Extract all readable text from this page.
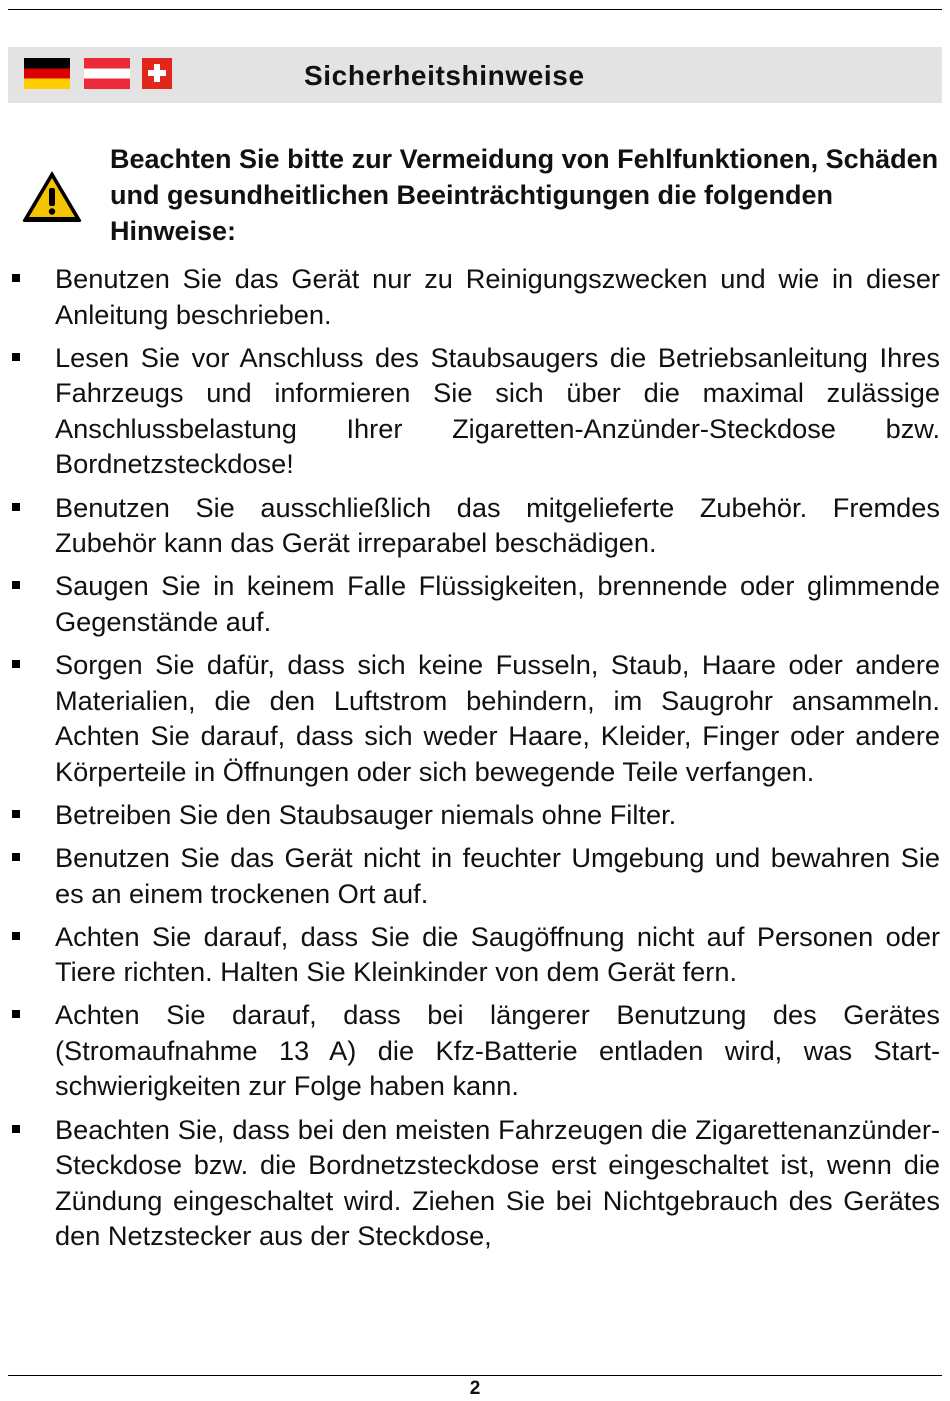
Sicherheitshinweise
Beachten Sie bitte zur Vermeidung von Fehlfunktionen, Schäden und gesundheitlichen Beeinträchtigungen die folgenden Hinweise:
Benutzen Sie das Gerät nur zu Reinigungszwecken und wie in dieser Anleitung beschrieben.
Lesen Sie vor Anschluss des Staubsaugers die Betriebsanleitung Ihres Fahrzeugs und informieren Sie sich über die maximal zulässige Anschlussbelastung Ihrer Zigaretten-Anzünder-Steckdose bzw. Bordnetzsteckdose!
Benutzen Sie ausschließlich das mitgelieferte Zubehör. Fremdes Zubehör kann das Gerät irreparabel beschädigen.
Saugen Sie in keinem Falle Flüssigkeiten, brennende oder glimmende Gegenstände auf.
Sorgen Sie dafür, dass sich keine Fusseln, Staub, Haare oder andere Materialien, die den Luftstrom behindern, im Saugrohr ansammeln. Achten Sie darauf, dass sich weder Haare, Kleider, Finger oder andere Körperteile in Öffnungen oder sich bewegende Teile verfangen.
Betreiben Sie den Staubsauger niemals ohne Filter.
Benutzen Sie das Gerät nicht in feuchter Umgebung und bewahren Sie es an einem trockenen Ort auf.
Achten Sie darauf, dass Sie die Saugöffnung nicht auf Personen oder Tiere richten. Halten Sie Kleinkinder von dem Gerät fern.
Achten Sie darauf, dass bei längerer Benutzung des Gerätes (Stromaufnahme 13 A) die Kfz-Batterie entladen wird, was Startschwierigkeiten zur Folge haben kann.
Beachten Sie, dass bei den meisten Fahrzeugen die Zigarettenanzünder-Steckdose bzw. die Bordnetzsteckdose erst eingeschaltet ist, wenn die Zündung eingeschaltet wird. Ziehen Sie bei Nichtgebrauch des Gerätes den Netzstecker aus der Steckdose,
2
